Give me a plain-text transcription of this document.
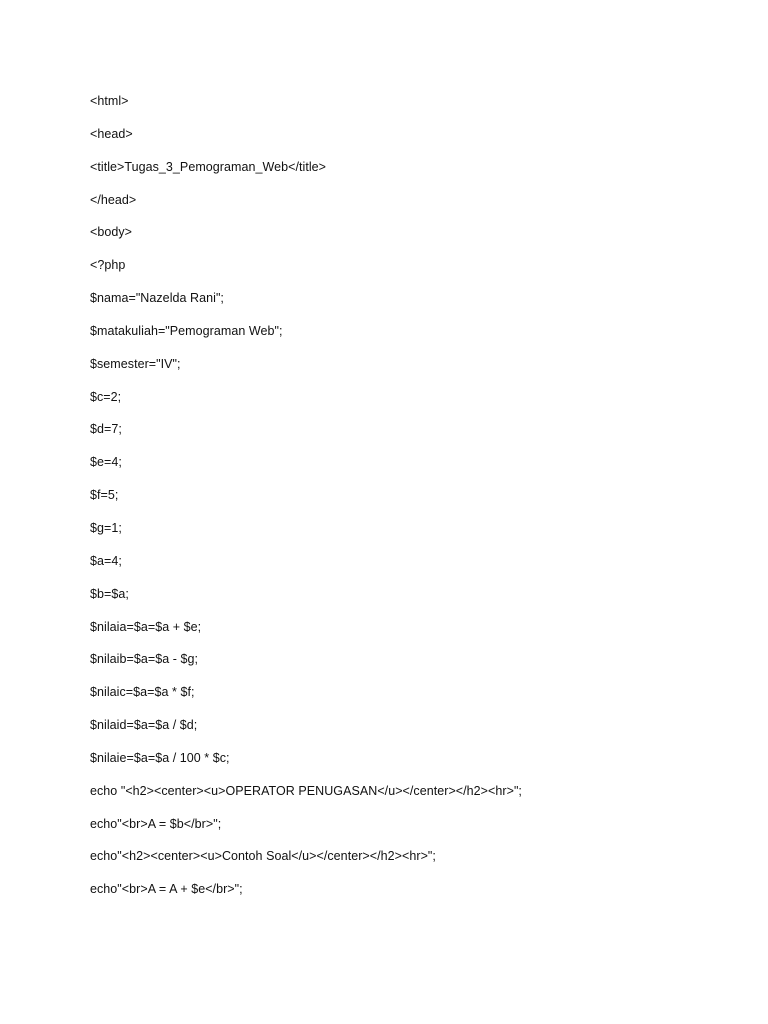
<html>
<head>
<title>Tugas_3_Pemograman_Web</title>
</head>
<body>
<?php
$nama="Nazelda Rani";
$matakuliah="Pemograman Web";
$semester="IV";
$c=2;
$d=7;
$e=4;
$f=5;
$g=1;
$a=4;
$b=$a;
$nilaia=$a=$a + $e;
$nilaib=$a=$a - $g;
$nilaic=$a=$a * $f;
$nilaid=$a=$a / $d;
$nilaie=$a=$a / 100 * $c;
echo "<h2><center><u>OPERATOR PENUGASAN</u></center></h2><hr>";
echo"<br>A = $b</br>";
echo"<h2><center><u>Contoh Soal</u></center></h2><hr>";
echo"<br>A = A + $e</br>";
